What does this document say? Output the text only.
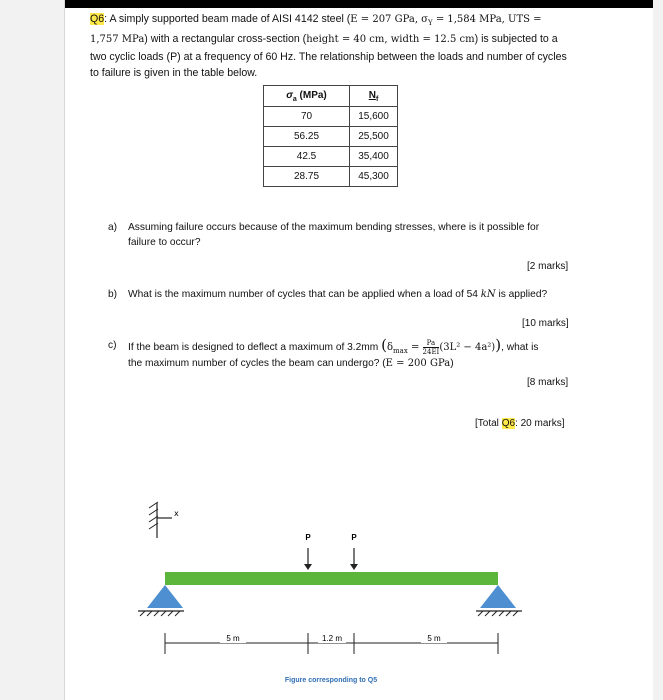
Q6: A simply supported beam made of AISI 4142 steel (E = 207 GPa, $\sigma_Y = 1,584$ MPa, UTS =
1,757 MPa) with a rectangular cross-section (height = 40 cm, width = 12.5 cm) is subjected to a two cyclic loads (P) at a frequency of 60 Hz. The relationship between the loads and number of cycles to failure is given in the table below.
$\sigma_a$ (MPa)	$N_f$
70	15,600
56.25	25,500
42.5	35,400
28.75	45,300
a) Assuming failure occurs because of the maximum bending stresses, where is it possible for failure to occur?
[2 marks]
b) What is the maximum number of cycles that can be applied when a load of 54 kN is applied?
[10 marks]
c) If the beam is designed to deflect a maximum of 3.2mm $(\delta_{max} = \frac{Pa}{24EI} (3L^2 - 4a^2))$, what is
the maximum number of cycles the beam can undergo? (E = 200 GPa)
[8 marks]
[Total Q6: 20 marks]
x
P	P
5 m	1.2 m	5 m
Figure corresponding to Q5
